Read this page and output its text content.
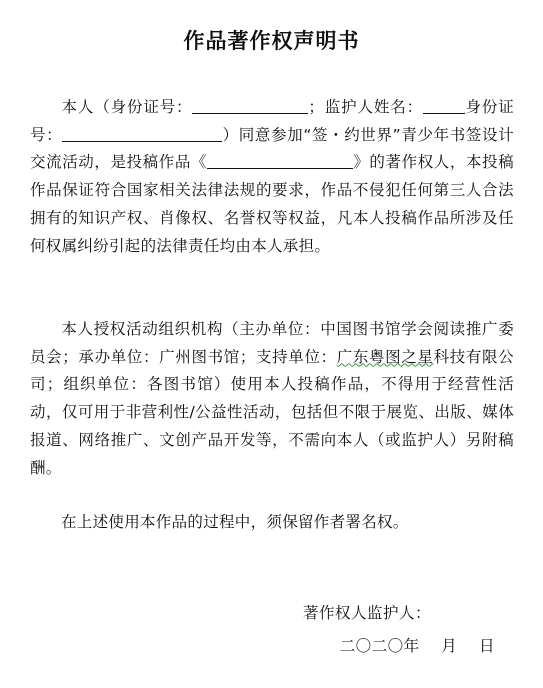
作品著作权声明书
本人（身份证号：	；监护人姓名：	身份证号：	）同意参加“签・约世界”青少年书签设计交流活动，是投稿作品《	》的著作权人，本投稿作品保证符合国家相关法律法规的要求，作品不侵犯任何第三人合法拥有的知识产权、肖像权、名誉权等权益，凡本人投稿作品所涉及任何权属纠纷引起的法律责任均由本人承担。
本人授权活动组织机构（主办单位：中国图书馆学会阅读推广委员会；承办单位：广州图书馆；支持单位：广东粤图之星科技有限公司；组织单位：各图书馆）使用本人投稿作品，不得用于经营性活动，仅可用于非营利性/公益性活动，包括但不限于展览、出版、媒体报道、网络推广、文创产品开发等，不需向本人（或监护人）另附稿酬。
在上述使用本作品的过程中，须保留作者署名权。
著作权人监护人：
二〇二〇年    月    日
